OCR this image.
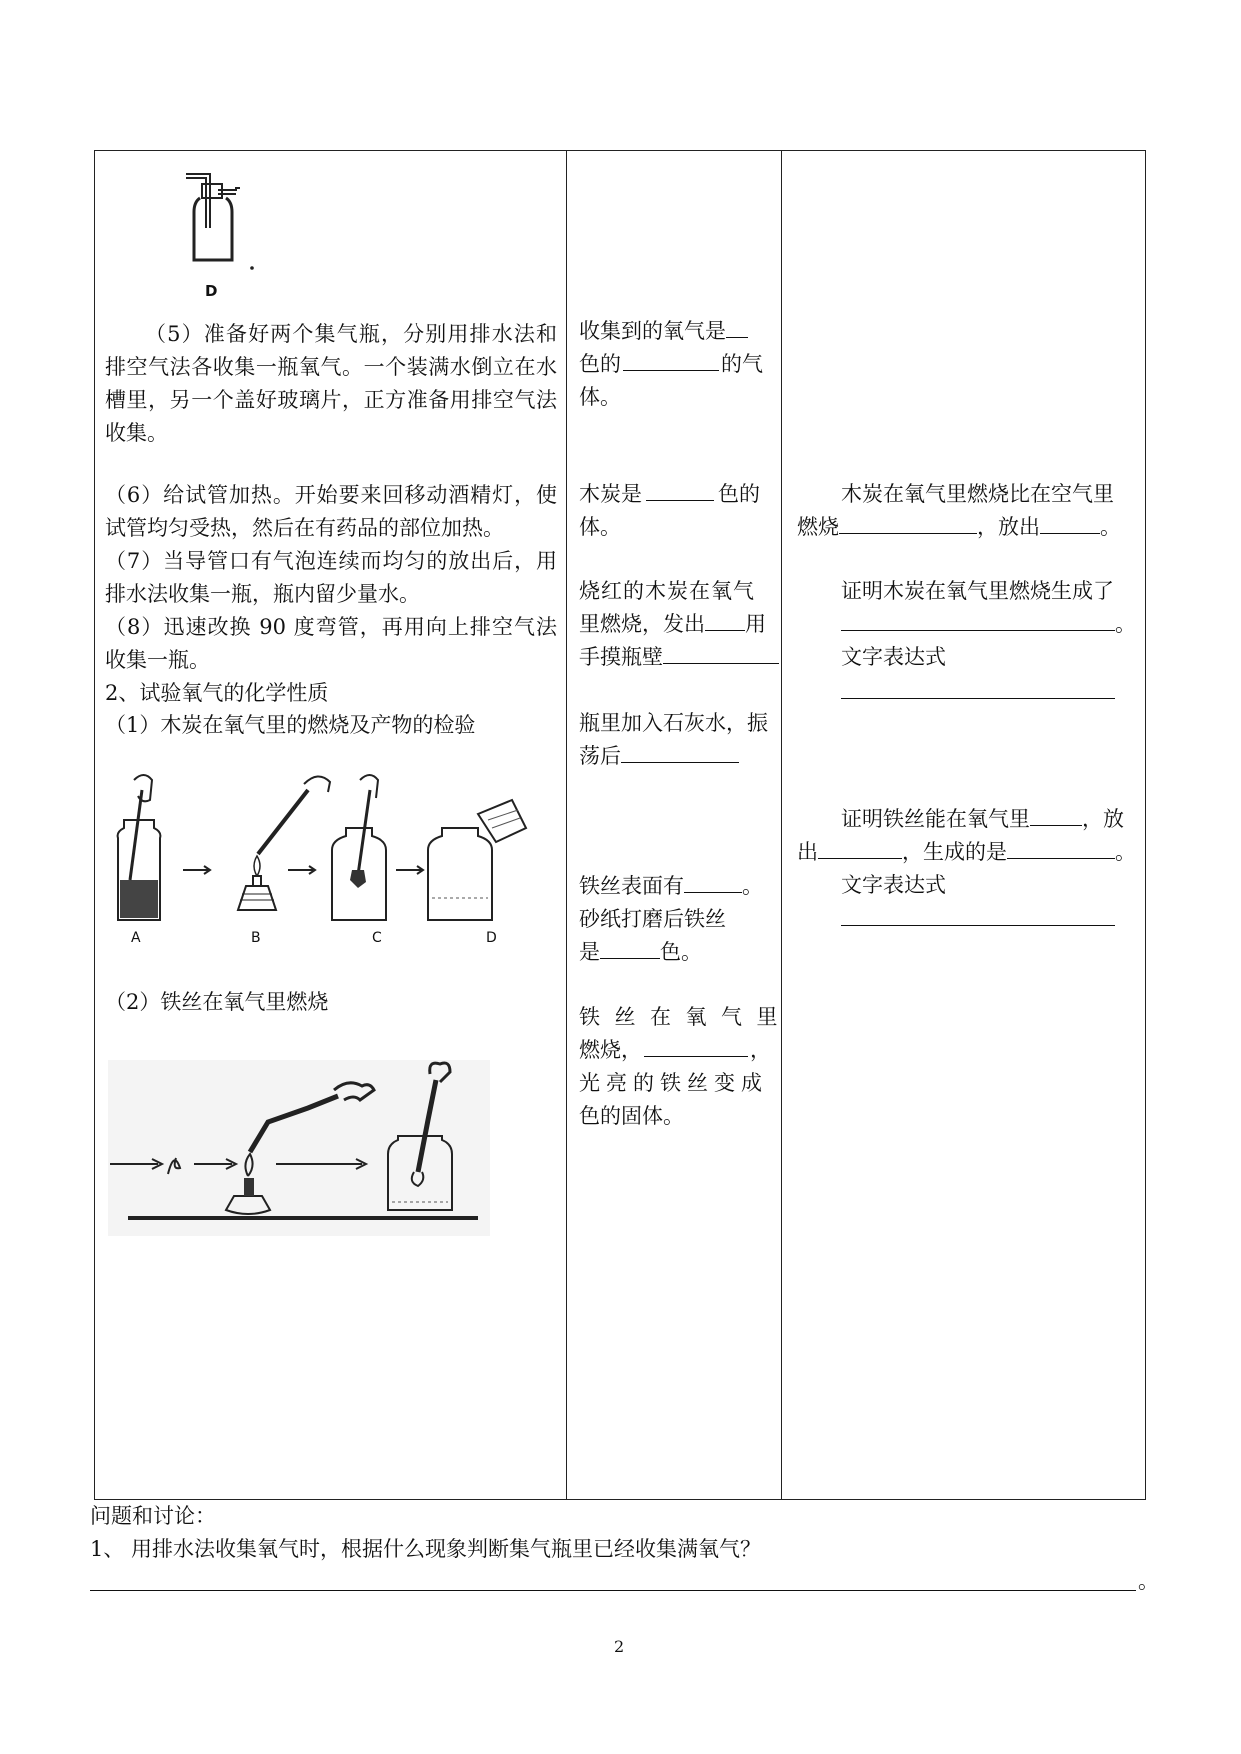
D

（5）准备好两个集气瓶，分别用排水法和排空气法各收集一瓶氧气。一个装满水倒立在水槽里，另一个盖好玻璃片，正方准备用排空气法收集。

（6）给试管加热。开始要来回移动酒精灯，使试管均匀受热，然后在有药品的部位加热。

（7）当导管口有气泡连续而均匀的放出后，用排水法收集一瓶，瓶内留少量水。

（8）迅速改换 90 度弯管，再用向上排空气法收集一瓶。

2、试验氧气的化学性质

（1）木炭在氧气里的燃烧及产物的检验

A	B	C	D

（2）铁丝在氧气里燃烧

收集到的氧气是

色的	的气

体。

木炭是	色的

体。

烧红的木炭在氧气

里燃烧，发出 用

手摸瓶壁

瓶里加入石灰水，振

荡后

铁丝表面有	。

砂纸打磨后铁丝

是	色。

铁丝在氧气里

燃烧，	，

光亮的铁丝变成

色的固体。

木炭在氧气里燃烧比在空气里

燃烧	，放出	。

证明木炭在氧气里燃烧生成了

。

文字表达式

证明铁丝能在氧气里 ，放

出	，生成的是	。

文字表达式

问题和讨论：

1、 用排水法收集氧气时，根据什么现象判断集气瓶里已经收集满氧气？

。

2
